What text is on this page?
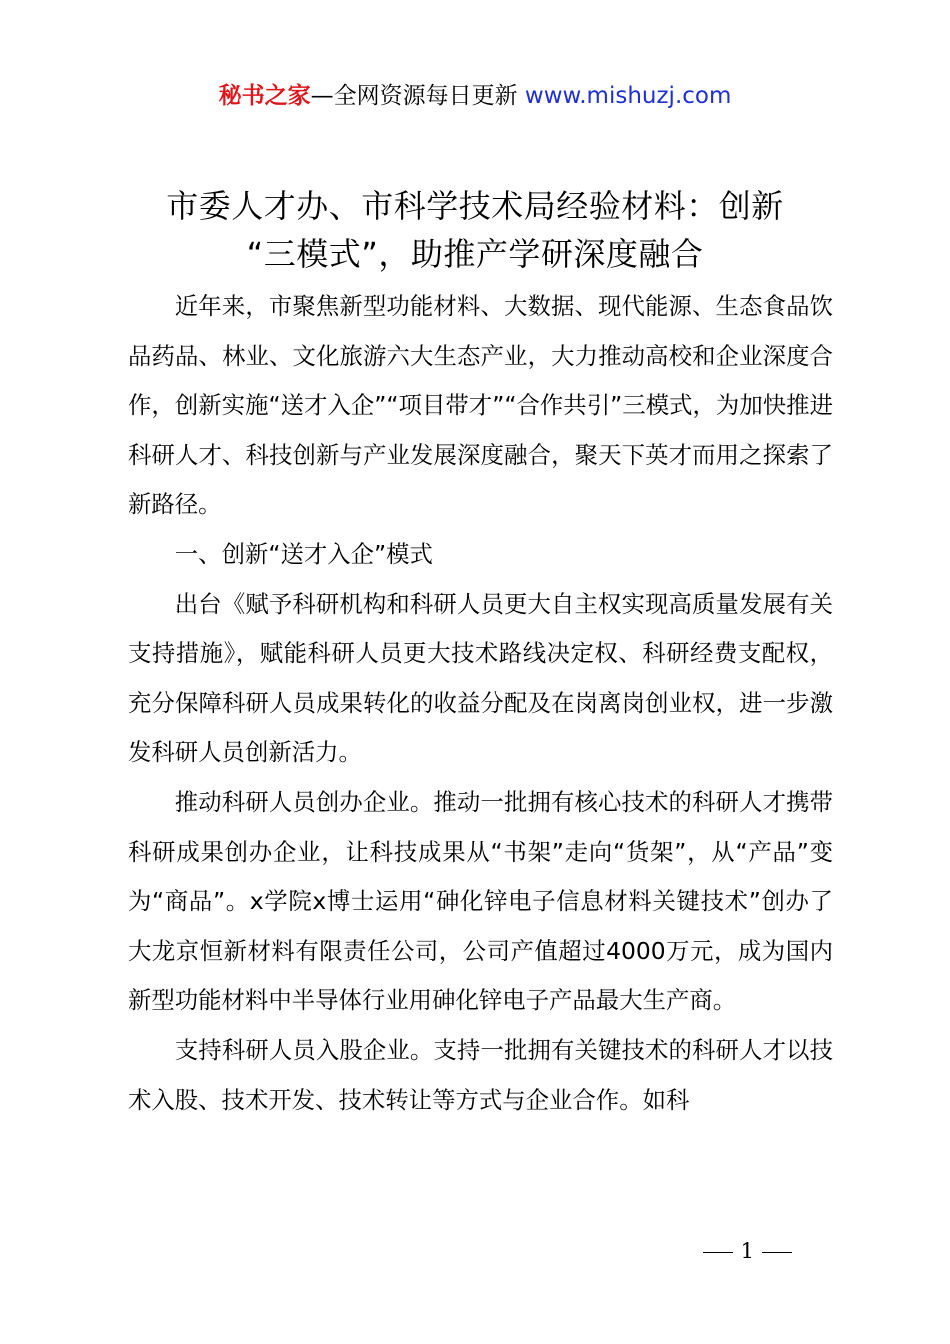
秘书之家—全网资源每日更新 www.mishuzj.com
市委人才办、市科学技术局经验材料：创新
“三模式”，助推产学研深度融合

近年来，市聚焦新型功能材料、大数据、现代能源、生态食品饮品药品、林业、文化旅游六大生态产业，大力推动高校和企业深度合作，创新实施“送才入企”“项目带才”“合作共引”三模式，为加快推进科研人才、科技创新与产业发展深度融合，聚天下英才而用之探索了新路径。

一、创新“送才入企”模式

出台《赋予科研机构和科研人员更大自主权实现高质量发展有关支持措施》，赋能科研人员更大技术路线决定权、科研经费支配权，充分保障科研人员成果转化的收益分配及在岗离岗创业权，进一步激发科研人员创新活力。

推动科研人员创办企业。推动一批拥有核心技术的科研人才携带科研成果创办企业，让科技成果从“书架”走向“货架”，从“产品”变为“商品”。x学院x博士运用“砷化锌电子信息材料关键技术”创办了大龙京恒新材料有限责任公司，公司产值超过4000万元，成为国内新型功能材料中半导体行业用砷化锌电子产品最大生产商。

支持科研人员入股企业。支持一批拥有关键技术的科研人才以技术入股、技术开发、技术转让等方式与企业合作。如科

1
